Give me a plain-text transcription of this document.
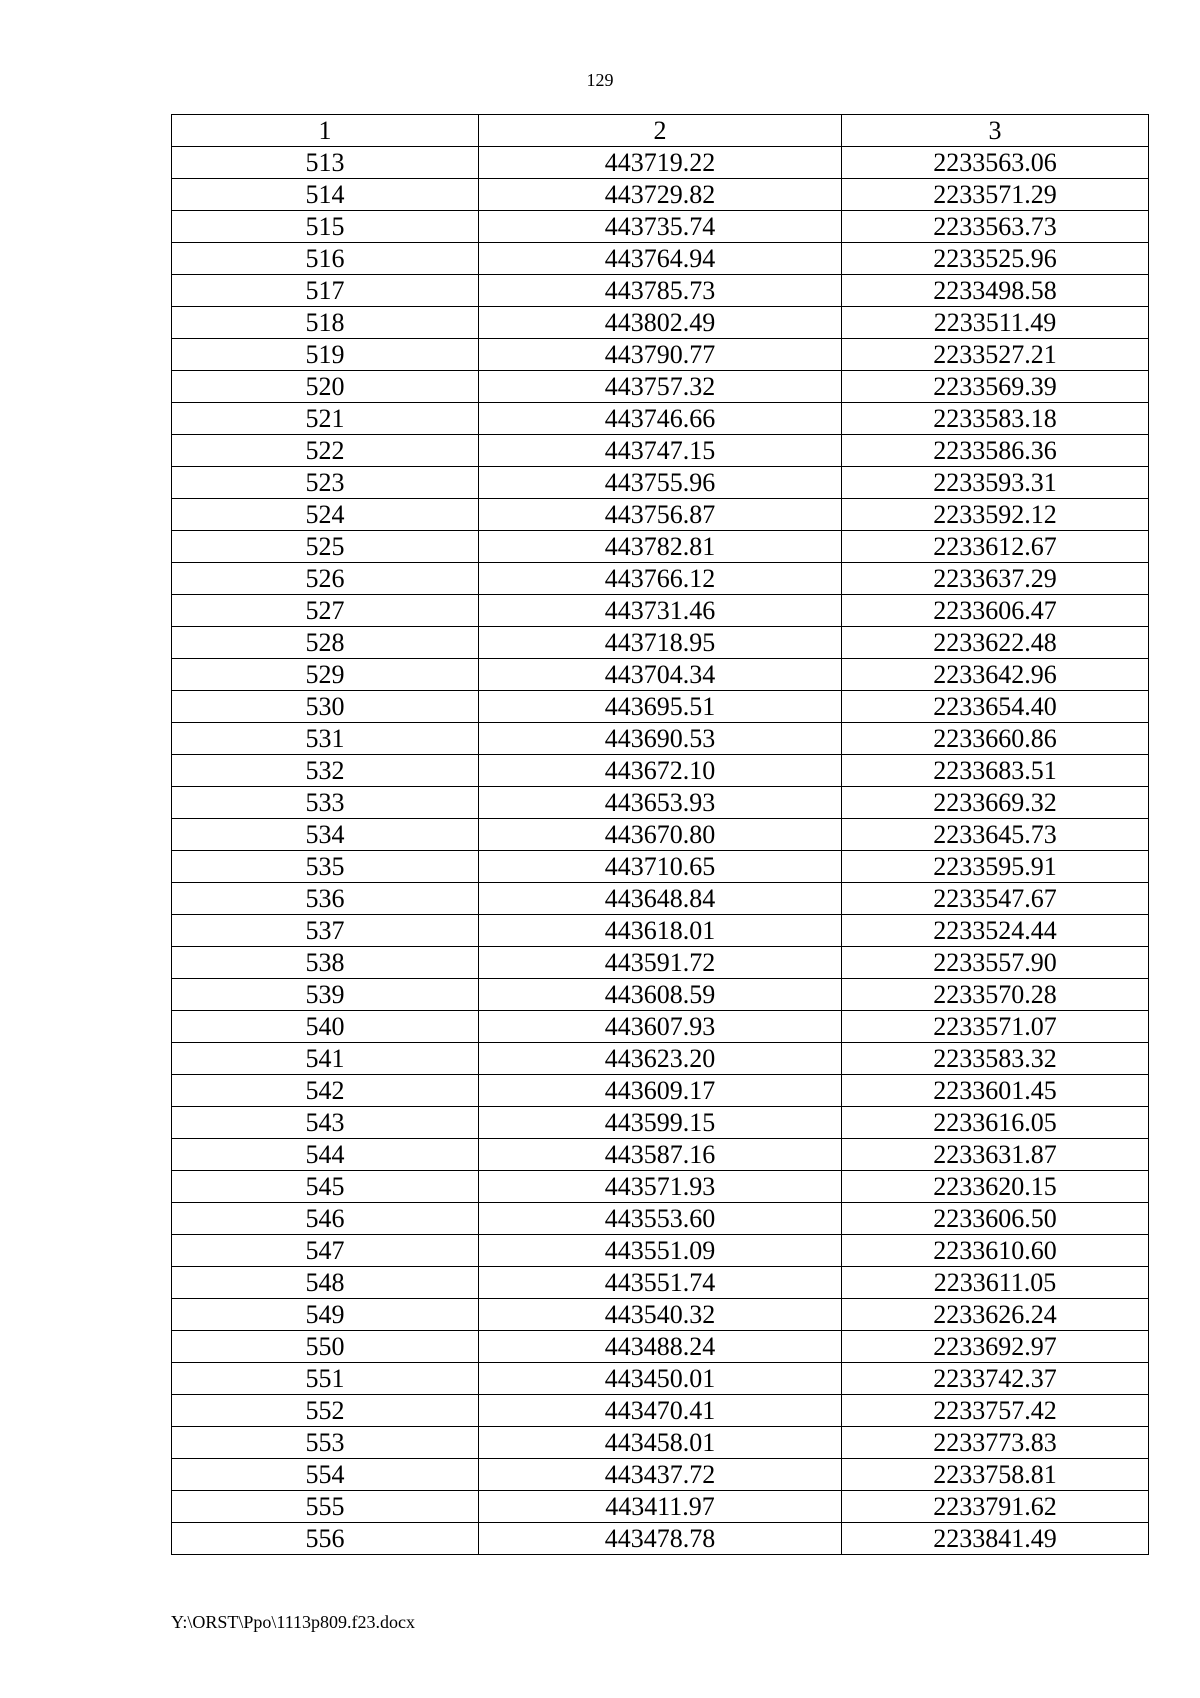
129
1	2	3
513	443719.22	2233563.06
514	443729.82	2233571.29
515	443735.74	2233563.73
516	443764.94	2233525.96
517	443785.73	2233498.58
518	443802.49	2233511.49
519	443790.77	2233527.21
520	443757.32	2233569.39
521	443746.66	2233583.18
522	443747.15	2233586.36
523	443755.96	2233593.31
524	443756.87	2233592.12
525	443782.81	2233612.67
526	443766.12	2233637.29
527	443731.46	2233606.47
528	443718.95	2233622.48
529	443704.34	2233642.96
530	443695.51	2233654.40
531	443690.53	2233660.86
532	443672.10	2233683.51
533	443653.93	2233669.32
534	443670.80	2233645.73
535	443710.65	2233595.91
536	443648.84	2233547.67
537	443618.01	2233524.44
538	443591.72	2233557.90
539	443608.59	2233570.28
540	443607.93	2233571.07
541	443623.20	2233583.32
542	443609.17	2233601.45
543	443599.15	2233616.05
544	443587.16	2233631.87
545	443571.93	2233620.15
546	443553.60	2233606.50
547	443551.09	2233610.60
548	443551.74	2233611.05
549	443540.32	2233626.24
550	443488.24	2233692.97
551	443450.01	2233742.37
552	443470.41	2233757.42
553	443458.01	2233773.83
554	443437.72	2233758.81
555	443411.97	2233791.62
556	443478.78	2233841.49
Y:\ORST\Ppo\1113p809.f23.docx
